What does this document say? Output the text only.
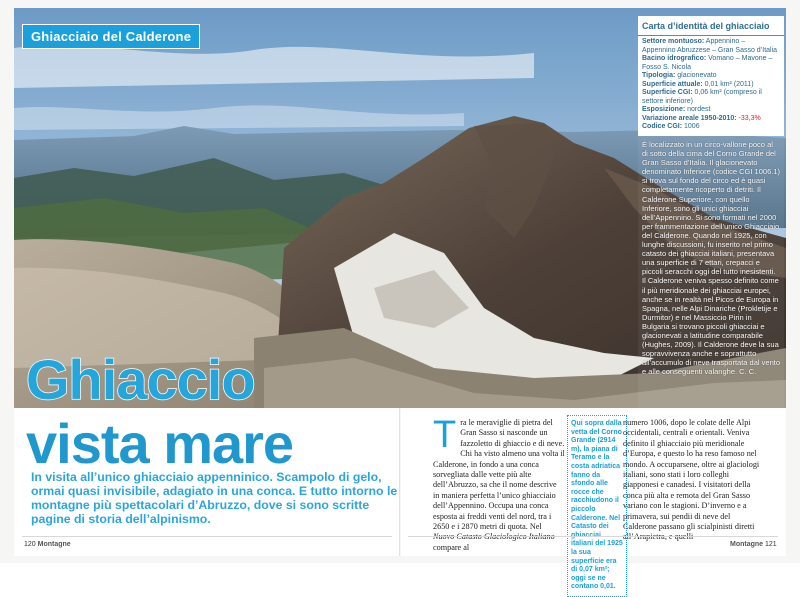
Ghiacciaio del Calderone
Carta d’identità del ghiacciaio
Settore montuoso: Appennino – Appennino Abruzzese – Gran Sasso d’Italia
Bacino idrografico: Vomano – Mavone – Fosso S. Nicola
Tipologia: glacionevato
Superficie attuale: 0,01 km² (2011)
Superficie CGI: 0,06 km² (compreso il settore inferiore)
Esposizione: nordest
Variazione areale 1950-2010: -33,3%
Codice CGI: 1006
È localizzato in un circo-vallone poco al di sotto della cima del Corno Grande del Gran Sasso d’Italia. Il glacionevato denominato Inferiore (codice CGI 1006.1) si trova sul fondo del circo ed è quasi completamente ricoperto di detriti. Il Calderone Superiore, con quello Inferiore, sono gli unici ghiacciai dell’Appennino. Si sono formati nel 2000 per frammentazione dell’unico Ghiacciaio del Calderone. Quando nel 1925, con lunghe discussioni, fu inserito nel primo catasto dei ghiacciai italiani, presentava una superficie di 7 ettari, crepacci e piccoli seracchi oggi del tutto inesistenti. Il Calderone veniva spesso definito come il più meridionale dei ghiacciai europei, anche se in realtà nel Picos de Europa in Spagna, nelle Alpi Dinariche (Prokletije e Durmitor) e nel Massiccio Pirin in Bulgaria si trovano piccoli ghiacciai e glacionevati a latitudine comparabile (Hughes, 2009). Il Calderone deve la sua sopravvivenza anche e soprattutto all’accumulo di neve trasportata dal vento e alle conseguenti valanghe. C. C.
Ghiaccio
vista mare
In visita all’unico ghiacciaio appenninico. Scampolo di gelo, ormai quasi invisibile, adagiato in una conca. E tutto intorno le montagne più spettacolari d’Abruzzo, dove si sono scritte pagine di storia dell’alpinismo.
T ra le meraviglie di pietra del Gran Sasso si nasconde un fazzoletto di ghiaccio e di neve. Chi ha visto almeno una volta il Calderone, in fondo a una conca sorvegliata dalle vette più alte dell’Abruzzo, sa che il nome descrive in maniera perfetta l’unico ghiacciaio dell’Appennino. Occupa una conca esposta ai freddi venti del nord, tra i 2650 e i 2870 metri di quota. Nel compare al
Qui sopra dalla vetta del Corno Grande (2914 m), la piana di Teramo e la costa adriatica fanno da sfondo alle rocce che racchiudono il piccolo Calderone. Nel Catasto dei italiani del 1925 la sua superficie era di 0,07 km²; oggi se ne contano 0,01.
numero 1006, dopo le colate delle Alpi occidentali, centrali e orientali. Veniva definito il ghiacciaio più meridionale d’Europa, e questo lo ha reso famoso nel mondo. A occuparsene, oltre ai glaciologi italiani, sono stati i loro colleghi giapponesi e canadesi. I visitatori della conca più alta e remota del Gran Sasso variano con le stagioni. D’inverno e a primavera, sui pendii di neve del Calderone passano gli scialpinisti diretti
120 Montagne	Montagne 121
